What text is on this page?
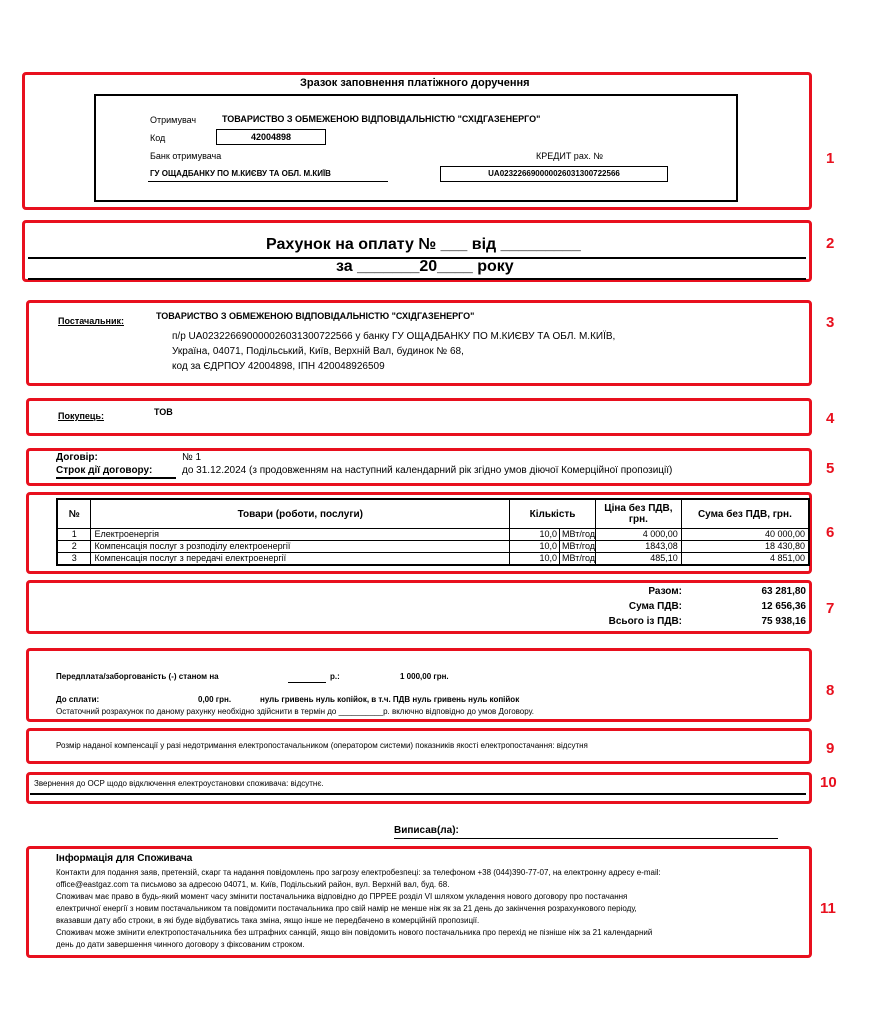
1
2
3
4
5
6
7
8
9
10
11
Зразок заповнення платіжного доручення
Отримувач	ТОВАРИСТВО З ОБМЕЖЕНОЮ ВІДПОВІДАЛЬНІСТЮ "СХІДГАЗЕНЕРГО"
Код	42004898
Банк отримувача	КРЕДИТ рах. №
ГУ ОЩАДБАНКУ ПО М.КИЄВУ ТА ОБЛ. М.КИЇВ	UA023226690000026031300722566
Рахунок на оплату № ___ від _________
за _______20____ року
Постачальник:	ТОВАРИСТВО З ОБМЕЖЕНОЮ ВІДПОВІДАЛЬНІСТЮ "СХІДГАЗЕНЕРГО"
п/р UA023226690000026031300722566 у банку ГУ ОЩАДБАНКУ ПО М.КИЄВУ ТА ОБЛ. М.КИЇВ,
Україна, 04071, Подільський, Київ, Верхній Вал, будинок № 68,
код за ЄДРПОУ 42004898, ІПН 420048926509
Покупець:	ТОВ
Договір:	№ 1
Строк дії договору:	до 31.12.2024 (з продовженням на наступний календарний рік згідно умов діючої Комерційної пропозиції)
№	Товари (роботи, послуги)	Кількість	Ціна без ПДВ, грн.	Сума без ПДВ, грн.
1	Електроенергія	10,0 МВт/год	4 000,00	40 000,00
2	Компенсація послуг з розподілу електроенергії	10,0 МВт/год	1843,08	18 430,80
3	Компенсація послуг з передачі електроенергії	10,0 МВт/год	485,10	4 851,00
Разом:	63 281,80
Сума ПДВ:	12 656,36
Всього із ПДВ:	75 938,16
Передплата/заборгованість (-) станом на	р.:	1 000,00 грн.
До сплати:	0,00 грн.	нуль гривень нуль копійок, в т.ч. ПДВ нуль гривень нуль копійок
Остаточний розрахунок по даному рахунку необхідно здійснити в термін до __________р. включно відповідно до умов Договору.
Розмір наданої компенсації у разі недотримання електропостачальником (оператором системи) показників якості електропостачання: відсутня
Звернення до ОСР щодо відключення електроустановки споживача: відсутнє.
Виписав(ла):
Інформація для Споживача
Контакти для подання заяв, претензій, скарг та надання повідомлень про загрозу електробезпеці: за телефоном +38 (044)390-77-07, на електронну адресу e-mail:
office@eastgaz.com та письмово за адресою 04071, м. Київ, Подільський район, вул. Верхній вал, буд. 68.
Споживач має право в будь-який момент часу змінити постачальника відповідно до ПРРЕЕ розділ VI шляхом укладення нового договору про постачання
електричної енергії з новим постачальником та повідомити постачальника про свій намір не менше ніж як за 21 день до закінчення розрахункового періоду,
вказавши дату або строки, в які буде відбуватись така зміна, якщо інше не передбачено в комерційній пропозиції.
Споживач може змінити електропостачальника без штрафних санкцій, якщо він повідомить нового постачальника про перехід не пізніше ніж за 21 календарний
день до дати завершення чинного договору з фіксованим строком.
